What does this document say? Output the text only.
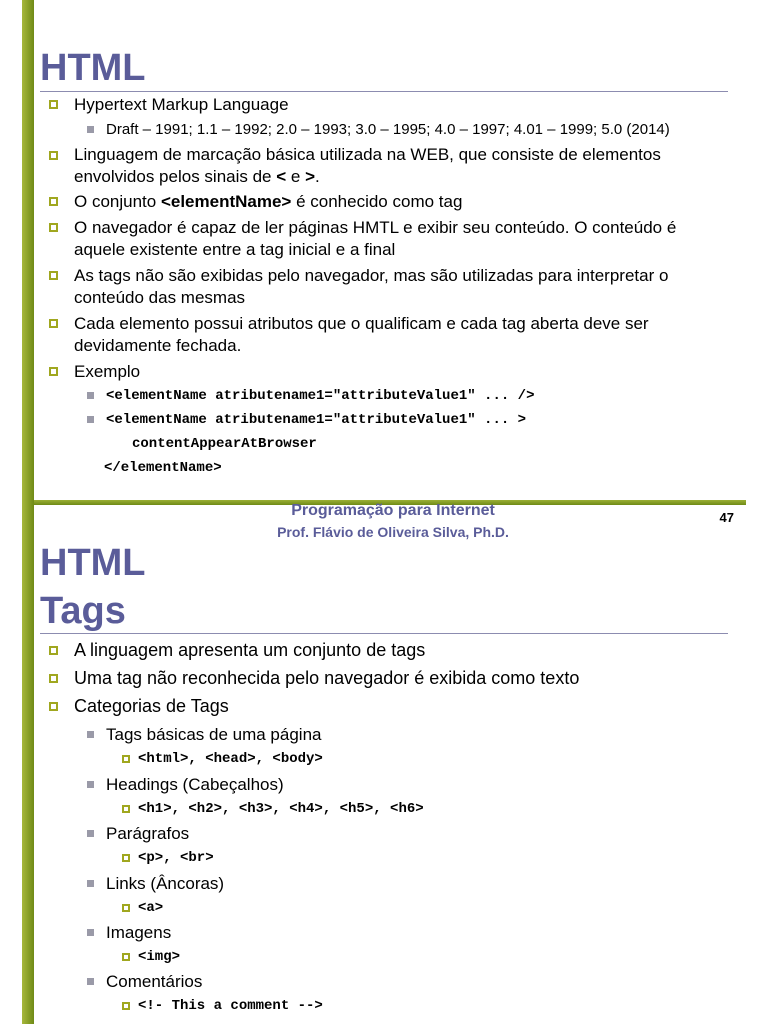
HTML

Hypertext Markup Language

Draft – 1991; 1.1 – 1992; 2.0 – 1993; 3.0 – 1995; 4.0 – 1997; 4.01 – 1999; 5.0 (2014)

Linguagem de marcação básica utilizada na WEB, que consiste de elementos

envolvidos pelos sinais de < e >.

O conjunto <elementName> é conhecido como tag

O navegador é capaz de ler páginas HMTL e exibir seu conteúdo. O conteúdo é

aquele existente entre a tag inicial e a final

As tags não são exibidas pelo navegador, mas são utilizadas para interpretar o

conteúdo das mesmas

Cada elemento possui atributos que o qualificam e cada tag aberta deve ser

devidamente fechada.

Exemplo

<elementName atributename1="attributeValue1" ... />

<elementName atributename1="attributeValue1" ... >

contentAppearAtBrowser

</elementName>

Programação para Internet
Prof. Flávio de Oliveira Silva, Ph.D.
47
HTML
Tags

A linguagem apresenta um conjunto de tags

Uma tag não reconhecida pelo navegador é exibida como texto

Categorias de Tags

Tags básicas de uma página

<html>, <head>, <body>

Headings (Cabeçalhos)

<h1>, <h2>, <h3>, <h4>, <h5>, <h6>

Parágrafos

<p>, <br>

Links (Âncoras)

<a>

Imagens

<img>

Comentários

<!- This a comment -->
